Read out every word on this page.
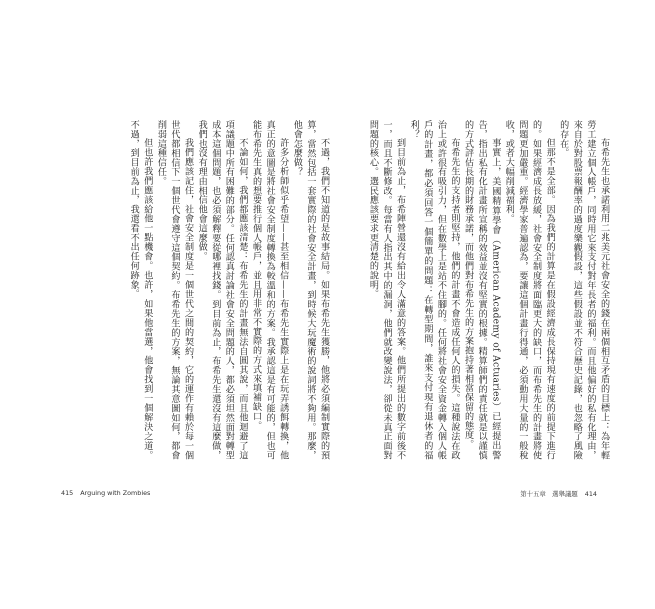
布希先生也承諾利用二兆美元社會安全的錢在兩個相互矛盾的目標上：為年輕勞工建立個人帳戶，同時用它來支付對年長者的福利。而且他偏好的私有化理由，來自於對股票報酬率的過度樂觀假設，這些假設並不符合歷史記錄，也忽略了風險的存在。

但那不是全部。因為我們的計算是在假設經濟成長保持現有速度的前提下進行的。如果經濟成長放緩，社會安全制度將面臨更大的缺口，而布希先生的計畫將使問題更加嚴重。經濟學家普遍認為，要讓這個計畫行得通，必須動用大量的一般稅收，或者大幅削減福利。

事實上，美國精算學會（American Academy of Actuaries）已經提出警告，指出私有化計畫所宣稱的效益並沒有堅實的根據。精算師們的責任就是以謹慎的方式評估長期的財務承諾，而他們對布希先生的方案抱持著相當保留的態度。

布希先生的支持者則堅持，他們的計畫不會造成任何人的損失。這種說法在政治上或許很有吸引力，但在數學上是站不住腳的。任何將社會安全資金轉入個人帳戶的計畫，都必須回答一個簡單的問題：在轉型期間，誰來支付現有退休者的福利？

到目前為止，布希陣營還沒有給出令人滿意的答案。他們所提出的數字前後不一，而且不斷修改。每當有人指出其中的漏洞，他們就改變說法，卻從未真正面對問題的核心。選民應該要求更清楚的說明。

不過，我們不知道的是故事結局。如果布希先生獲勝，他將必須編制實際的預算，當然包括一套實際的社會安全計畫，到時候大玩魔術的說詞將不夠用。那麼，他會怎麼做？

許多分析師似乎希望——甚至相信——布希先生實際上是在玩弄誘餌轉換，他真正的意圖是將社會安全制度轉換為較溫和的方案。我承認這是有可能的，但也可能布希先生真的想要推行個人帳戶，並且用非常不實際的方式來填補缺口。

不論如何，我們都應該清楚：布希先生的計畫無法自圓其說，而且他迴避了這項議題中所有困難的部分。任何認真討論社會安全問題的人，都必須坦然面對轉型成本這個問題，也必須解釋要從哪裡找錢。到目前為止，布希先生還沒有這麼做，我們也沒有理由相信他會這麼做。

我們應該記住，社會安全制度是一個世代之間的契約，它的運作有賴於每一個世代都相信下一個世代會遵守這個契約。布希先生的方案，無論其意圖如何，都會削弱這種信任。

但也許我們應該給他一點機會。也許，如果他當選，他會找到一個解決之道。不過，到目前為止，我還看不出任何跡象。

415 Arguing with Zombies	第十五章　選舉議題 414
